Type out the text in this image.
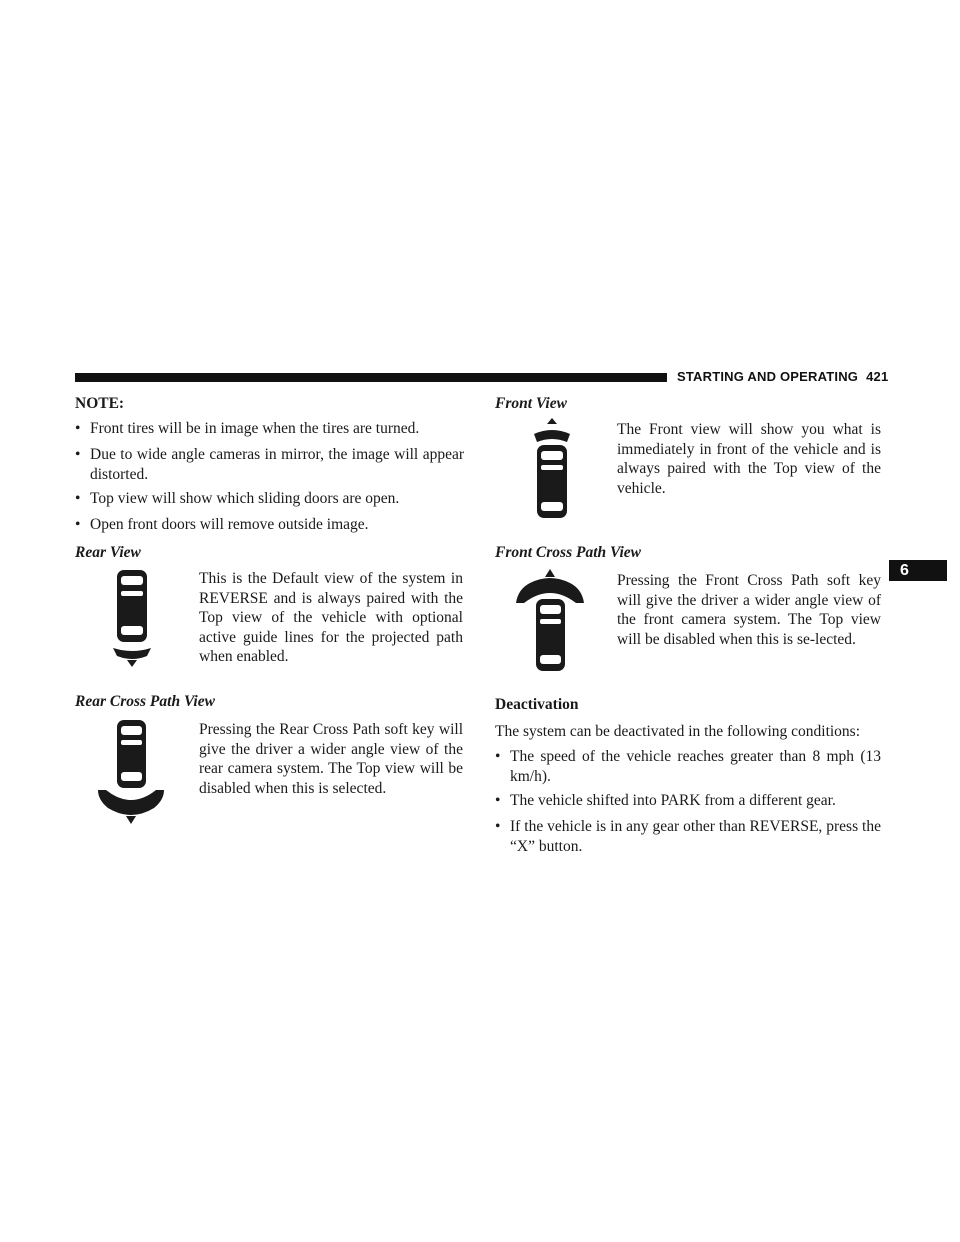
STARTING AND OPERATING 421
6
NOTE:
• Front tires will be in image when the tires are turned.
• Due to wide angle cameras in mirror, the image will appear distorted.
• Top view will show which sliding doors are open.
• Open front doors will remove outside image.
Rear View
This is the Default view of the system in REVERSE and is always paired with the Top view of the vehicle with optional active guide lines for the projected path when enabled.
Rear Cross Path View
Pressing the Rear Cross Path soft key will give the driver a wider angle view of the rear camera system. The Top view will be disabled when this is selected.
Front View
The Front view will show you what is immediately in front of the vehicle and is always paired with the Top view of the vehicle.
Front Cross Path View
Pressing the Front Cross Path soft key will give the driver a wider angle view of the front camera system. The Top view will be disabled when this is se-lected.
Deactivation
The system can be deactivated in the following conditions:
• The speed of the vehicle reaches greater than 8 mph (13 km/h).
• The vehicle shifted into PARK from a different gear.
• If the vehicle is in any gear other than REVERSE, press the “X” button.
